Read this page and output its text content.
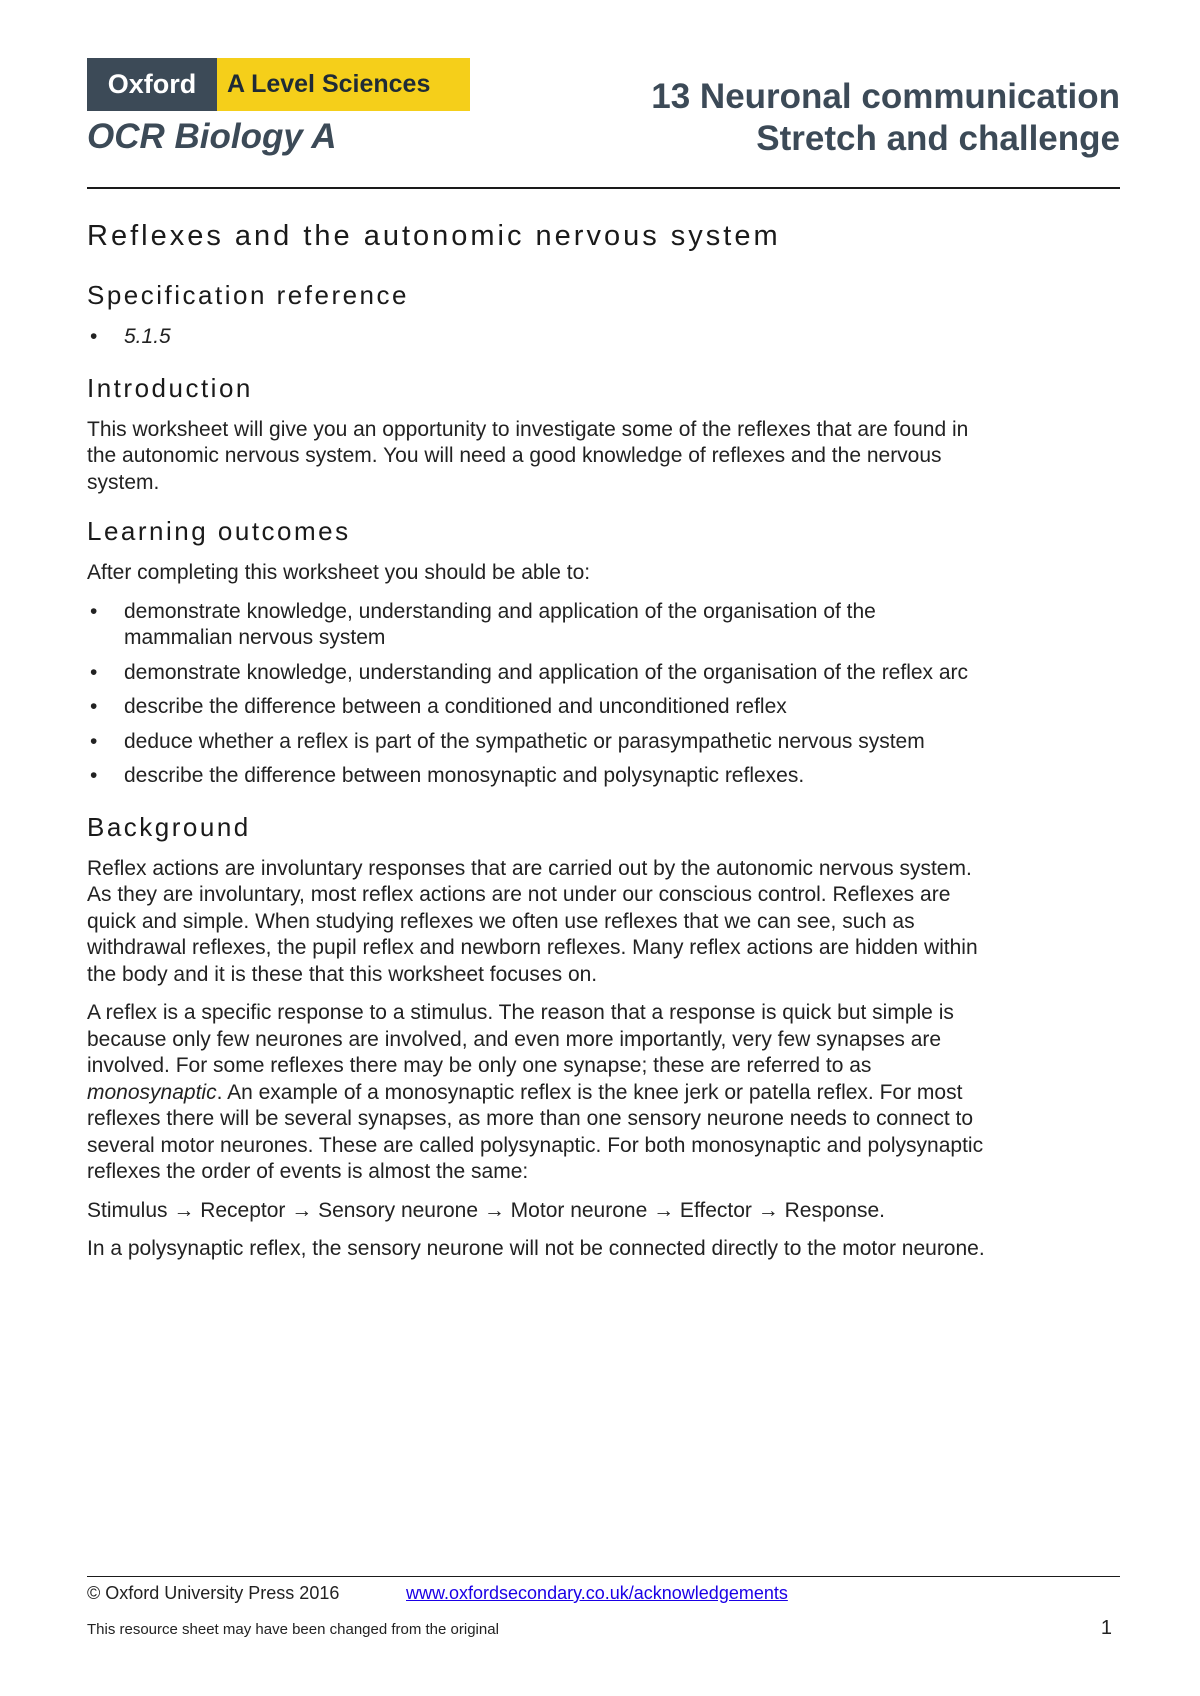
Oxford	A Level Sciences
OCR Biology A
13 Neuronal communication
Stretch and challenge
Reflexes and the autonomic nervous system
Specification reference
• 5.1.5
Introduction

This worksheet will give you an opportunity to investigate some of the reflexes that are found in the autonomic nervous system. You will need a good knowledge of reflexes and the nervous system.

Learning outcomes

After completing this worksheet you should be able to:

• demonstrate knowledge, understanding and application of the organisation of the mammalian nervous system
• demonstrate knowledge, understanding and application of the organisation of the reflex arc
• describe the difference between a conditioned and unconditioned reflex
• deduce whether a reflex is part of the sympathetic or parasympathetic nervous system
• describe the difference between monosynaptic and polysynaptic reflexes.
Background

Reflex actions are involuntary responses that are carried out by the autonomic nervous system. As they are involuntary, most reflex actions are not under our conscious control. Reflexes are quick and simple. When studying reflexes we often use reflexes that we can see, such as withdrawal reflexes, the pupil reflex and newborn reflexes. Many reflex actions are hidden within the body and it is these that this worksheet focuses on.

A reflex is a specific response to a stimulus. The reason that a response is quick but simple is because only few neurones are involved, and even more importantly, very few synapses are involved. For some reflexes there may be only one synapse; these are referred to as monosynaptic. An example of a monosynaptic reflex is the knee jerk or patella reflex. For most reflexes there will be several synapses, as more than one sensory neurone needs to connect to several motor neurones. These are called polysynaptic. For both monosynaptic and polysynaptic reflexes the order of events is almost the same:

Stimulus → Receptor → Sensory neurone → Motor neurone → Effector → Response.

In a polysynaptic reflex, the sensory neurone will not be connected directly to the motor neurone.

© Oxford University Press 2016	www.oxfordsecondary.co.uk/acknowledgements
This resource sheet may have been changed from the original	1
